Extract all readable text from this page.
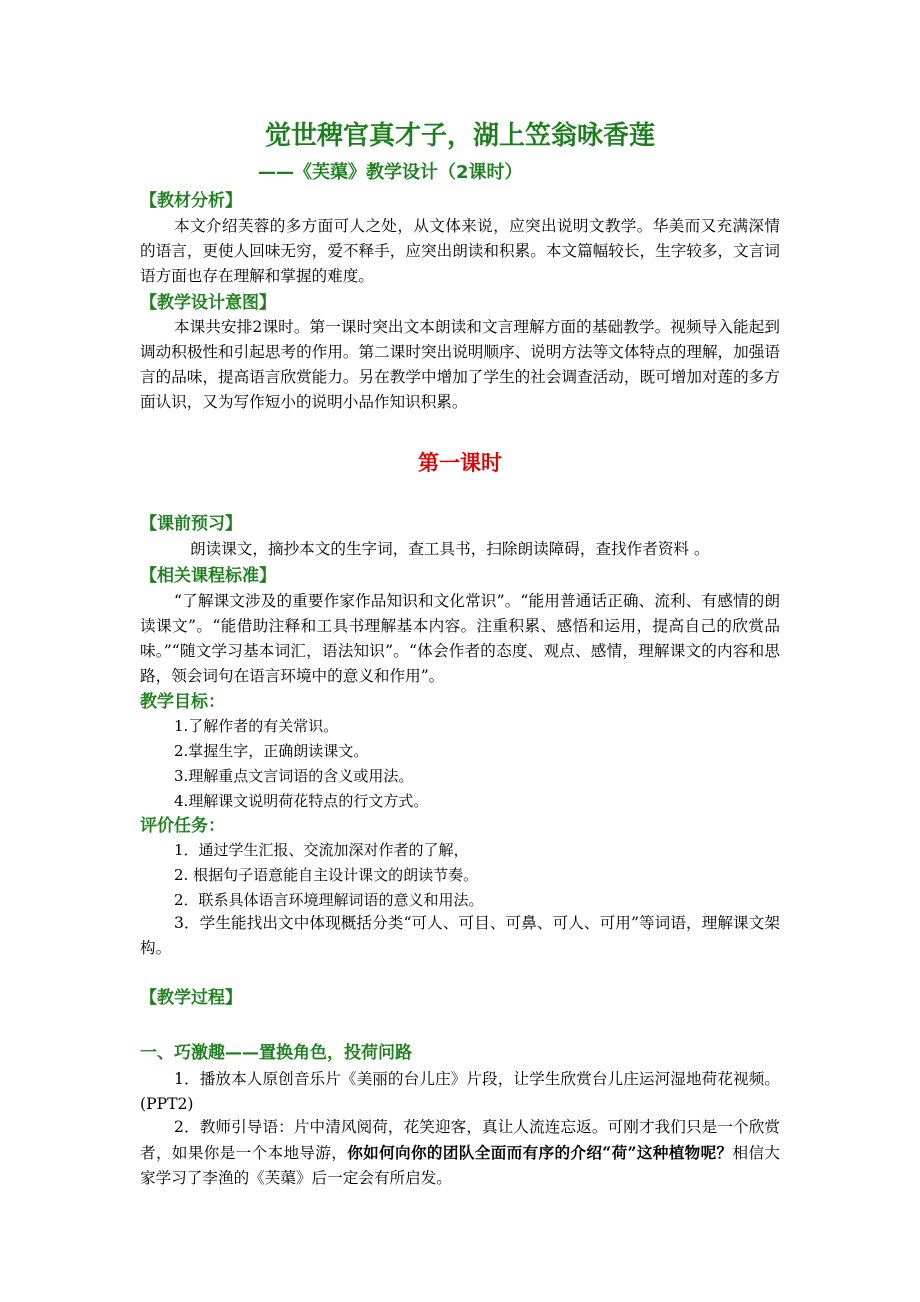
觉世稗官真才子，湖上笠翁咏香莲
——《芙蕖》教学设计（2课时）
【教材分析】
本文介绍芙蓉的多方面可人之处，从文体来说，应突出说明文教学。华美而又充满深情的语言，更使人回味无穷，爱不释手，应突出朗读和积累。本文篇幅较长，生字较多，文言词语方面也存在理解和掌握的难度。
【教学设计意图】
本课共安排2课时。第一课时突出文本朗读和文言理解方面的基础教学。视频导入能起到调动积极性和引起思考的作用。第二课时突出说明顺序、说明方法等文体特点的理解，加强语言的品味，提高语言欣赏能力。另在教学中增加了学生的社会调查活动，既可增加对莲的多方面认识，又为写作短小的说明小品作知识积累。
第一课时
【课前预习】
朗读课文，摘抄本文的生字词，查工具书，扫除朗读障碍，查找作者资料 。
【相关课程标准】
“了解课文涉及的重要作家作品知识和文化常识”。“能用普通话正确、流利、有感情的朗读课文”。“能借助注释和工具书理解基本内容。注重积累、感悟和运用，提高自己的欣赏品味。”“随文学习基本词汇，语法知识”。“体会作者的态度、观点、感情，理解课文的内容和思路，领会词句在语言环境中的意义和作用”。
教学目标：
1.了解作者的有关常识。
2.掌握生字，正确朗读课文。
3.理解重点文言词语的含义或用法。
4.理解课文说明荷花特点的行文方式。
评价任务：
1．通过学生汇报、交流加深对作者的了解，
2. 根据句子语意能自主设计课文的朗读节奏。
2．联系具体语言环境理解词语的意义和用法。
3．学生能找出文中体现概括分类“可人、可目、可鼻、可人、可用”等词语，理解课文架构。
【教学过程】
一、巧激趣——置换角色，投荷问路
1．播放本人原创音乐片《美丽的台儿庄》片段，让学生欣赏台儿庄运河湿地荷花视频。(PPT2)
2．教师引导语：片中清风阅荷，花笑迎客，真让人流连忘返。可刚才我们只是一个欣赏者，如果你是一个本地导游，你如何向你的团队全面而有序的介绍“荷”这种植物呢？相信大家学习了李渔的《芙蕖》后一定会有所启发。
